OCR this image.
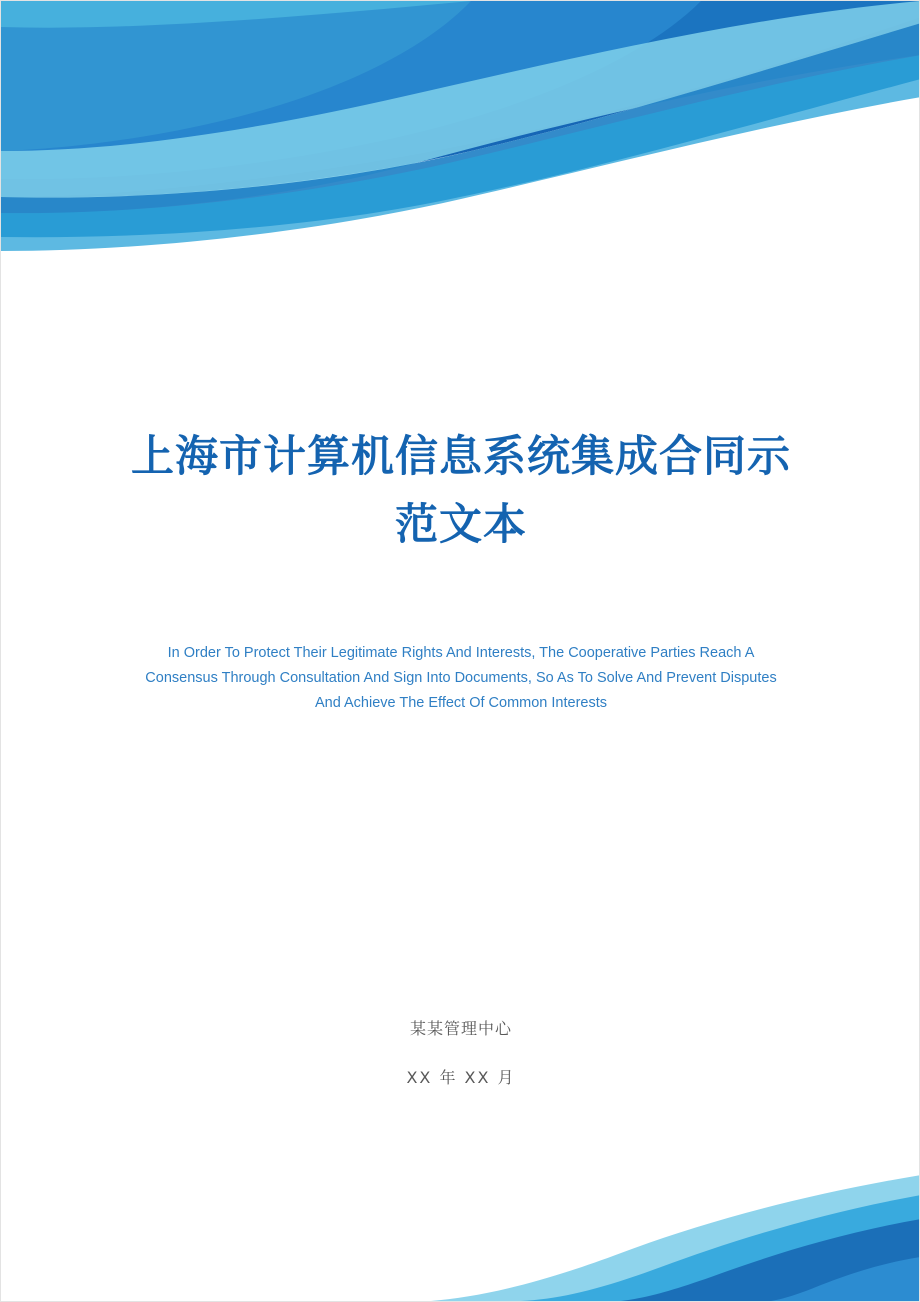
上海市计算机信息系统集成合同示范文本
In Order To Protect Their Legitimate Rights And Interests, The Cooperative Parties Reach A Consensus Through Consultation And Sign Into Documents, So As To Solve And Prevent Disputes And Achieve The Effect Of Common Interests
某某管理中心
XX 年 XX 月
